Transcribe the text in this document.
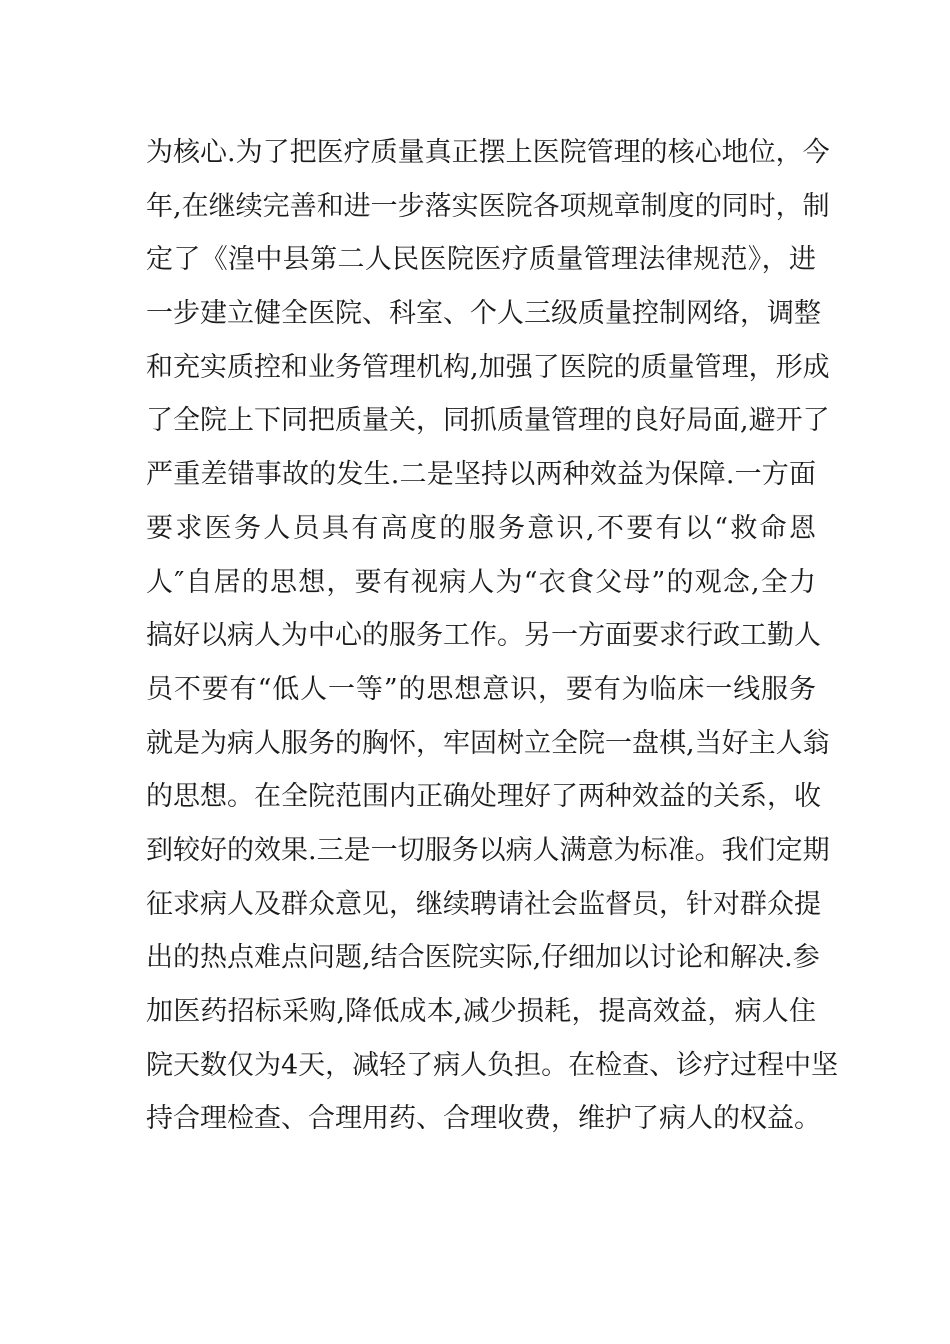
为核心.为了把医疗质量真正摆上医院管理的核心地位，今
年,在继续完善和进一步落实医院各项规章制度的同时，制
定了《湟中县第二人民医院医疗质量管理法律规范》，进
一步建立健全医院、科室、个人三级质量控制网络，调整
和充实质控和业务管理机构,加强了医院的质量管理，形成
了全院上下同把质量关，同抓质量管理的良好局面,避开了
严重差错事故的发生.二是坚持以两种效益为保障.一方面
要求医务人员具有高度的服务意识,不要有以“救命恩
人″自居的思想，要有视病人为“衣食父母”的观念,全力
搞好以病人为中心的服务工作。另一方面要求行政工勤人
员不要有“低人一等”的思想意识，要有为临床一线服务
就是为病人服务的胸怀，牢固树立全院一盘棋,当好主人翁
的思想。在全院范围内正确处理好了两种效益的关系，收
到较好的效果.三是一切服务以病人满意为标准。我们定期
征求病人及群众意见，继续聘请社会监督员，针对群众提
出的热点难点问题,结合医院实际,仔细加以讨论和解决.参
加医药招标采购,降低成本,减少损耗，提高效益，病人住
院天数仅为4天，减轻了病人负担。在检查、诊疗过程中坚
持合理检查、合理用药、合理收费，维护了病人的权益。
